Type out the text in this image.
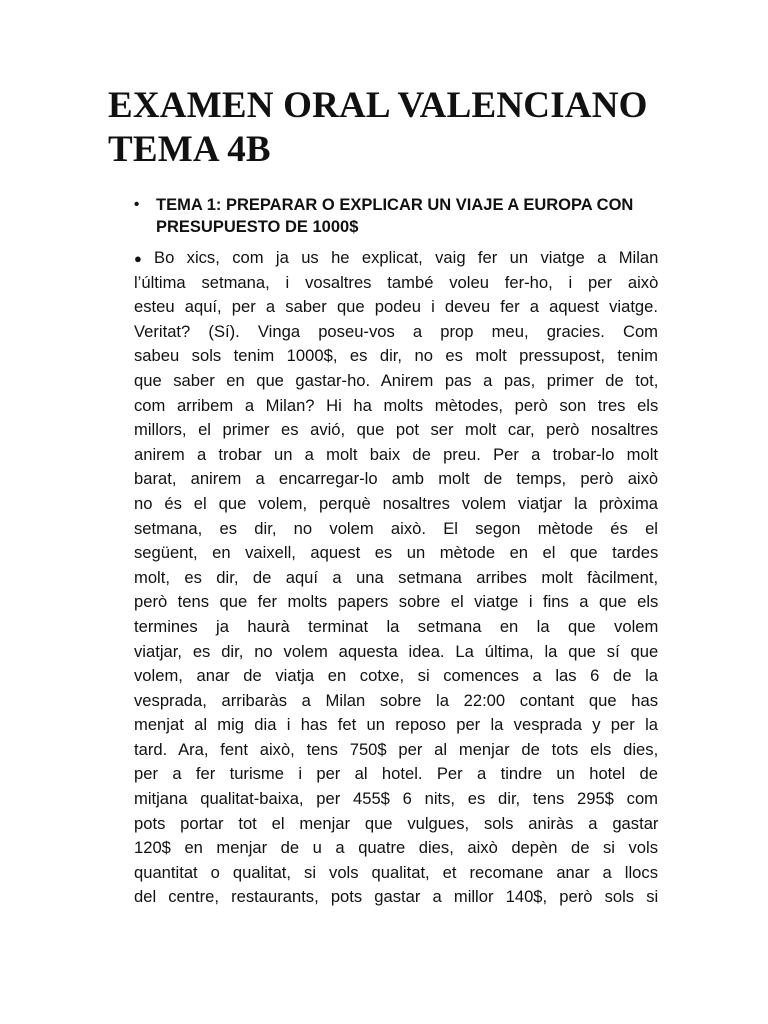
EXAMEN ORAL VALENCIANO
TEMA 4B
•	TEMA 1: PREPARAR O EXPLICAR UN VIAJE A EUROPA CON
PRESUPUESTO DE 1000$
● Bo xics, com ja us he explicat, vaig fer un viatge a Milan
l’última setmana, i vosaltres també voleu fer-ho, i per això
esteu aquí, per a saber que podeu i deveu fer a aquest viatge.
Veritat? (Sí). Vinga poseu-vos a prop meu, gracies. Com
sabeu sols tenim 1000$, es dir, no es molt pressupost, tenim
que saber en que gastar-ho. Anirem pas a pas, primer de tot,
com arribem a Milan? Hi ha molts mètodes, però son tres els
millors, el primer es avió, que pot ser molt car, però nosaltres
anirem a trobar un a molt baix de preu. Per a trobar-lo molt
barat, anirem a encarregar-lo amb molt de temps, però això
no és el que volem, perquè nosaltres volem viatjar la pròxima
setmana, es dir, no volem això. El segon mètode és el
següent, en vaixell, aquest es un mètode en el que tardes
molt, es dir, de aquí a una setmana arribes molt fàcilment,
però tens que fer molts papers sobre el viatge i fins a que els
termines ja haurà terminat la setmana en la que volem
viatjar, es dir, no volem aquesta idea. La última, la que sí que
volem, anar de viatja en cotxe, si comences a las 6 de la
vesprada, arribaràs a Milan sobre la 22:00 contant que has
menjat al mig dia i has fet un reposo per la vesprada y per la
tard. Ara, fent això, tens 750$ per al menjar de tots els dies,
per a fer turisme i per al hotel. Per a tindre un hotel de
mitjana qualitat-baixa, per 455$ 6 nits, es dir, tens 295$ com
pots portar tot el menjar que vulgues, sols aniràs a gastar
120$ en menjar de u a quatre dies, això depèn de si vols
quantitat o qualitat, si vols qualitat, et recomane anar a llocs
del centre, restaurants, pots gastar a millor 140$, però sols si
